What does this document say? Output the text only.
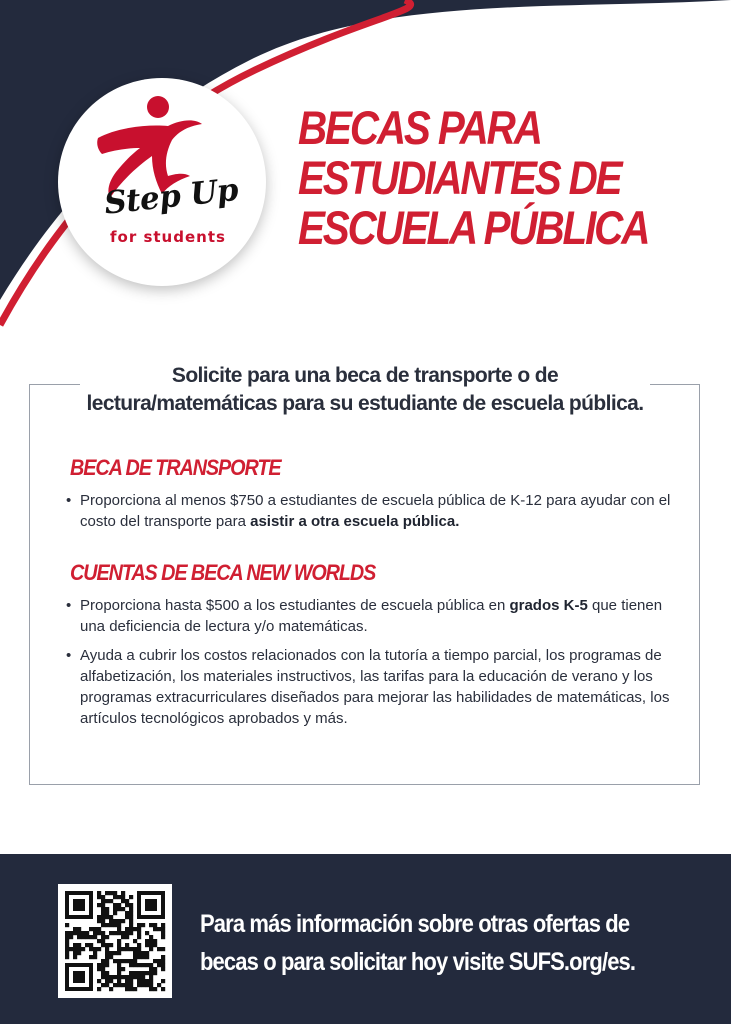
Step Up
for students
BECAS PARA
ESTUDIANTES DE
ESCUELA PÚBLICA
Solicite para una beca de transporte o de
lectura/matemáticas para su estudiante de escuela pública.
BECA DE TRANSPORTE
• Proporciona al menos $750 a estudiantes de escuela pública de K-12 para ayudar con el costo del transporte para asistir a otra escuela pública.
CUENTAS DE BECA NEW WORLDS
• Proporciona hasta $500 a los estudiantes de escuela pública en grados K-5 que tienen una deficiencia de lectura y/o matemáticas.
• Ayuda a cubrir los costos relacionados con la tutoría a tiempo parcial, los programas de alfabetización, los materiales instructivos, las tarifas para la educación de verano y los programas extracurriculares diseñados para mejorar las habilidades de matemáticas, los artículos tecnológicos aprobados y más.

Para más información sobre otras ofertas de
becas o para solicitar hoy visite SUFS.org/es.
